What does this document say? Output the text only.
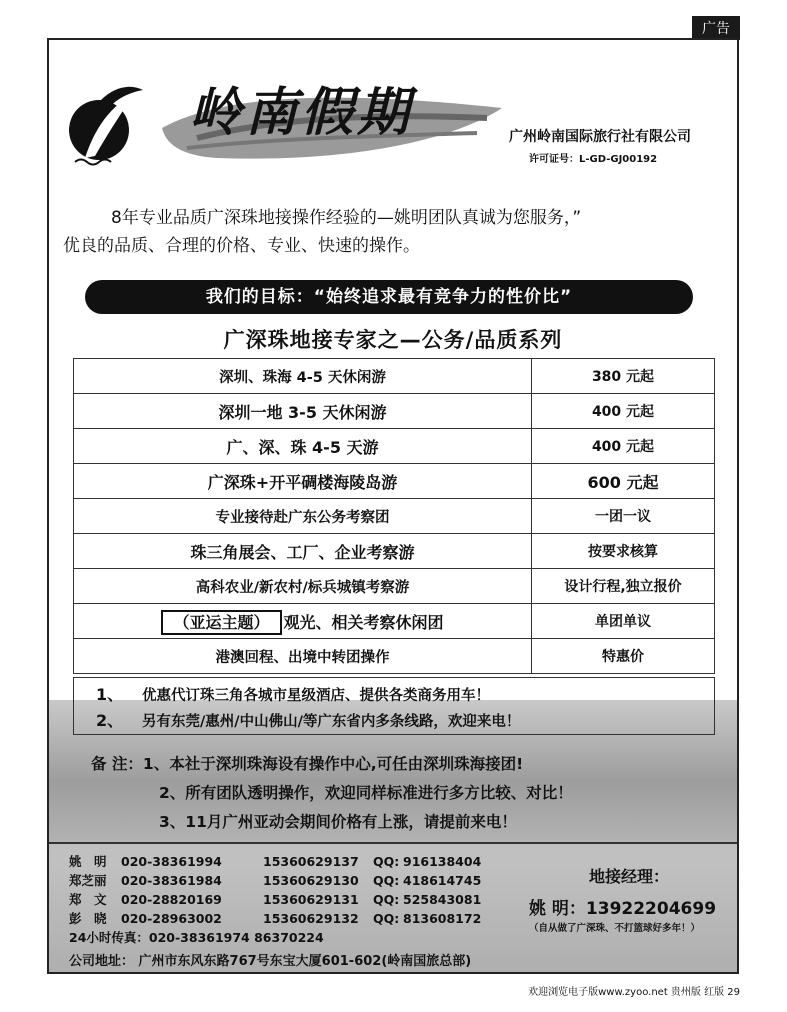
广告
岭南假期	广州岭南国际旅行社有限公司
许可证号：L-GD-GJ00192

8年专业品质广深珠地接操作经验的—姚明团队真诚为您服务，”

优良的品质、合理的价格、专业、快速的操作。

我们的目标：“始终追求最有竞争力的性价比”
广深珠地接专家之—公务/品质系列
深圳、珠海 4-5 天休闲游	380 元起
深圳一地 3-5 天休闲游	400 元起
广、深、珠 4-5 天游	400 元起
广深珠+开平碉楼海陵岛游	600 元起
专业接待赴广东公务考察团	一团一议
珠三角展会、工厂、企业考察游	按要求核算
高科农业/新农村/标兵城镇考察游	设计行程,独立报价
（亚运主题） 观光、相关考察休闲团	单团单议
港澳回程、出境中转团操作	特惠价
1、 优惠代订珠三角各城市星级酒店、提供各类商务用车！
2、 另有东莞/惠州/中山佛山/等广东省内多条线路，欢迎来电！
备 注：1、本社于深圳珠海设有操作中心,可任由深圳珠海接团!
2、所有团队透明操作，欢迎同样标准进行多方比较、对比！
3、11月广州亚动会期间价格有上涨，请提前来电！
姚　明 020-38361994	15360629137 QQ: 916138404
郑芝丽 020-38361984	15360629130 QQ: 418614745
郑　文 020-28820169	15360629131 QQ: 525843081
彭　晓 020-28963002	15360629132 QQ: 813608172
24小时传真：020-38361974 86370224
公司地址： 广州市东风东路767号东宝大厦601-602(岭南国旅总部)
地接经理：
姚 明：13922204699
（自从做了广深珠、不打篮球好多年！）
欢迎浏览电子版www.zyoo.net 贵州版 红版 29
